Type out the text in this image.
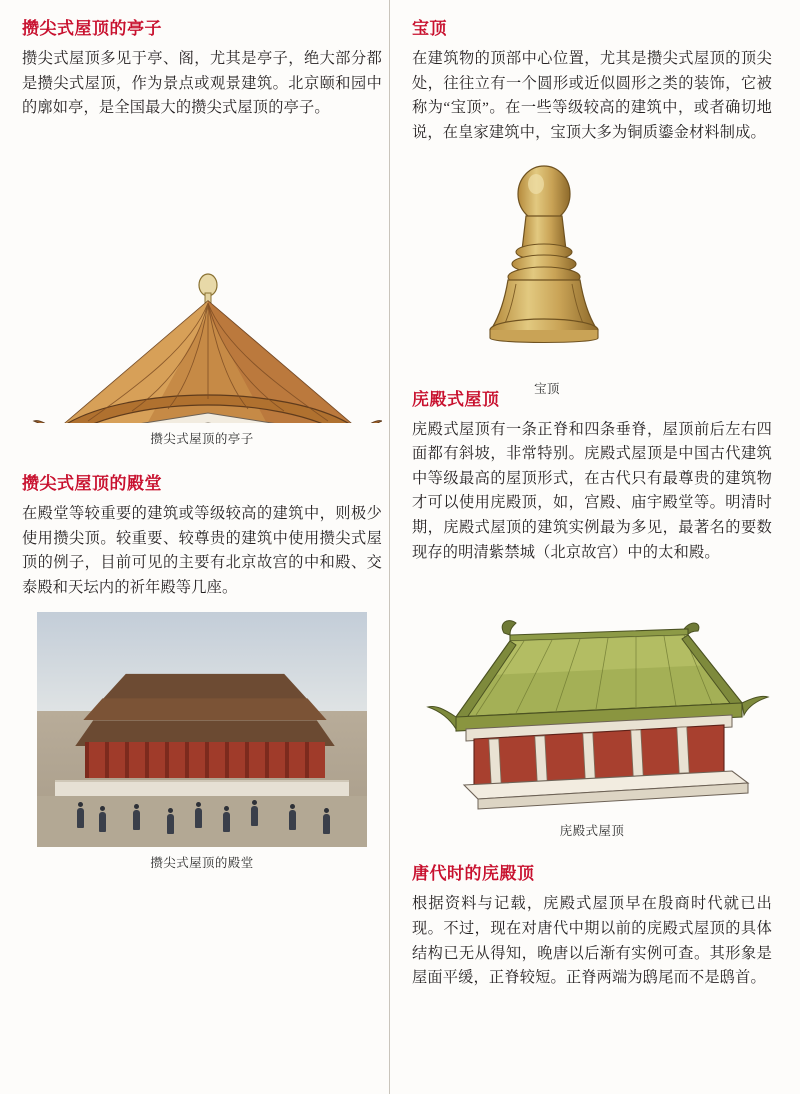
攒尖式屋顶的亭子

攒尖式屋顶多见于亭、阁，尤其是亭子，绝大部分都是攒尖式屋顶，作为景点或观景建筑。北京颐和园中的廓如亭，是全国最大的攒尖式屋顶的亭子。

攒尖式屋顶的亭子
攒尖式屋顶的殿堂

在殿堂等较重要的建筑或等级较高的建筑中，则极少使用攒尖顶。较重要、较尊贵的建筑中使用攒尖式屋顶的例子，目前可见的主要有北京故宫的中和殿、交泰殿和天坛内的祈年殿等几座。

攒尖式屋顶的殿堂
宝顶

在建筑物的顶部中心位置，尤其是攒尖式屋顶的顶尖处，往往立有一个圆形或近似圆形之类的装饰，它被称为“宝顶”。在一些等级较高的建筑中，或者确切地说，在皇家建筑中，宝顶大多为铜质鎏金材料制成。

宝顶
庑殿式屋顶

庑殿式屋顶有一条正脊和四条垂脊，屋顶前后左右四面都有斜坡，非常特别。庑殿式屋顶是中国古代建筑中等级最高的屋顶形式，在古代只有最尊贵的建筑物才可以使用庑殿顶，如，宫殿、庙宇殿堂等。明清时期，庑殿式屋顶的建筑实例最为多见，最著名的要数现存的明清紫禁城（北京故宫）中的太和殿。

庑殿式屋顶
唐代时的庑殿顶

根据资料与记载，庑殿式屋顶早在殷商时代就已出现。不过，现在对唐代中期以前的庑殿式屋顶的具体结构已无从得知，晚唐以后渐有实例可查。其形象是屋面平缓，正脊较短。正脊两端为鸱尾而不是鸱首。
